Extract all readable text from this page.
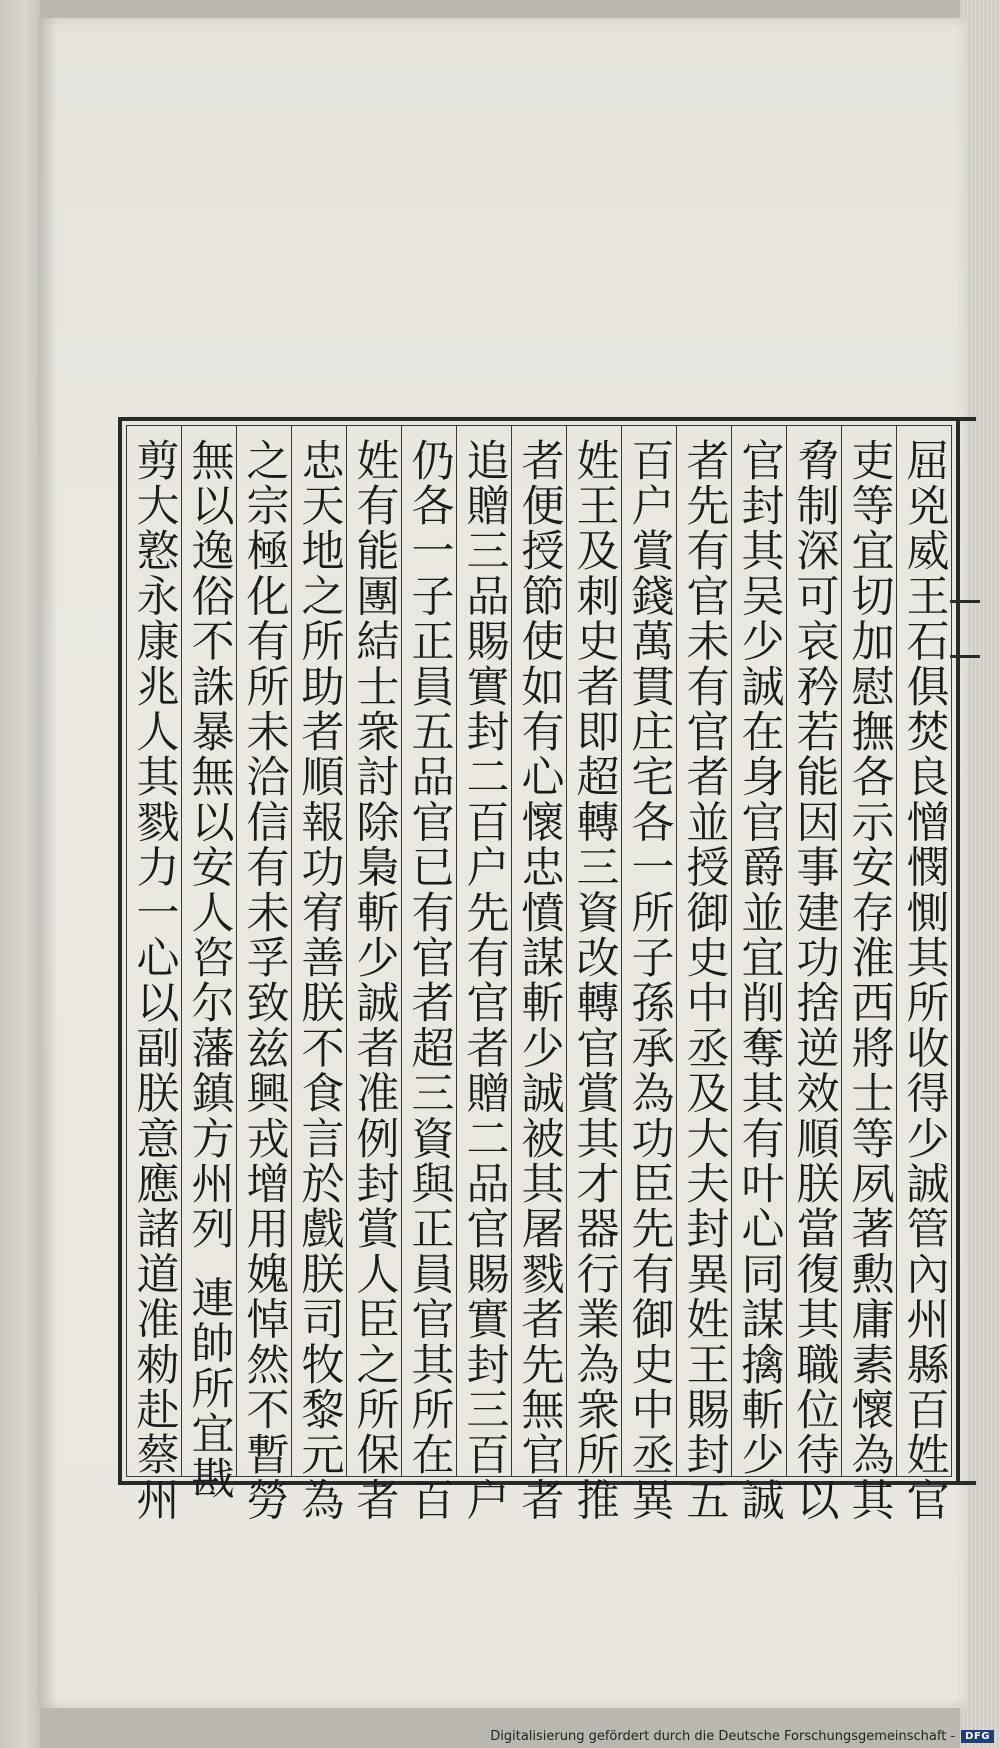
屈兇威王石俱焚良憎憫惻其所收得少誠管內州縣百姓官
吏等宜切加慰撫各示安存淮西將士等夙著勲庸素懷為其
脅制深可哀矜若能因事建功捨逆效順朕當復其職位待以
官封其吴少誠在身官爵並宜削奪其有叶心同謀擒斬少誠
者先有官未有官者並授御史中丞及大夫封異姓王賜封五
百户賞錢萬貫庄宅各一所子孫承為功臣先有御史中丞異
姓王及刺史者即超轉三資改轉官賞其才器行業為衆所推
者便授節使如有心懷忠憤謀斬少誠被其屠戮者先無官者
追贈三品賜實封二百户先有官者贈二品官賜實封三百户
仍各一子正員五品官已有官者超三資與正員官其所在百
姓有能團結士衆討除梟斬少誠者准例封賞人臣之所保者
忠天地之所助者順報功宥善朕不食言於戲朕司牧黎元為
之宗極化有所未洽信有未孚致兹興戎增用媿悼然不暫勞
無以逸俗不誅暴無以安人咨尔藩鎮方州列連帥所宜戡
剪大憝永康兆人其戮力一心以副朕意應諸道准勑赴蔡州
Digitalisierung gefördert durch die Deutsche Forschungsgemeinschaft -	DFG
